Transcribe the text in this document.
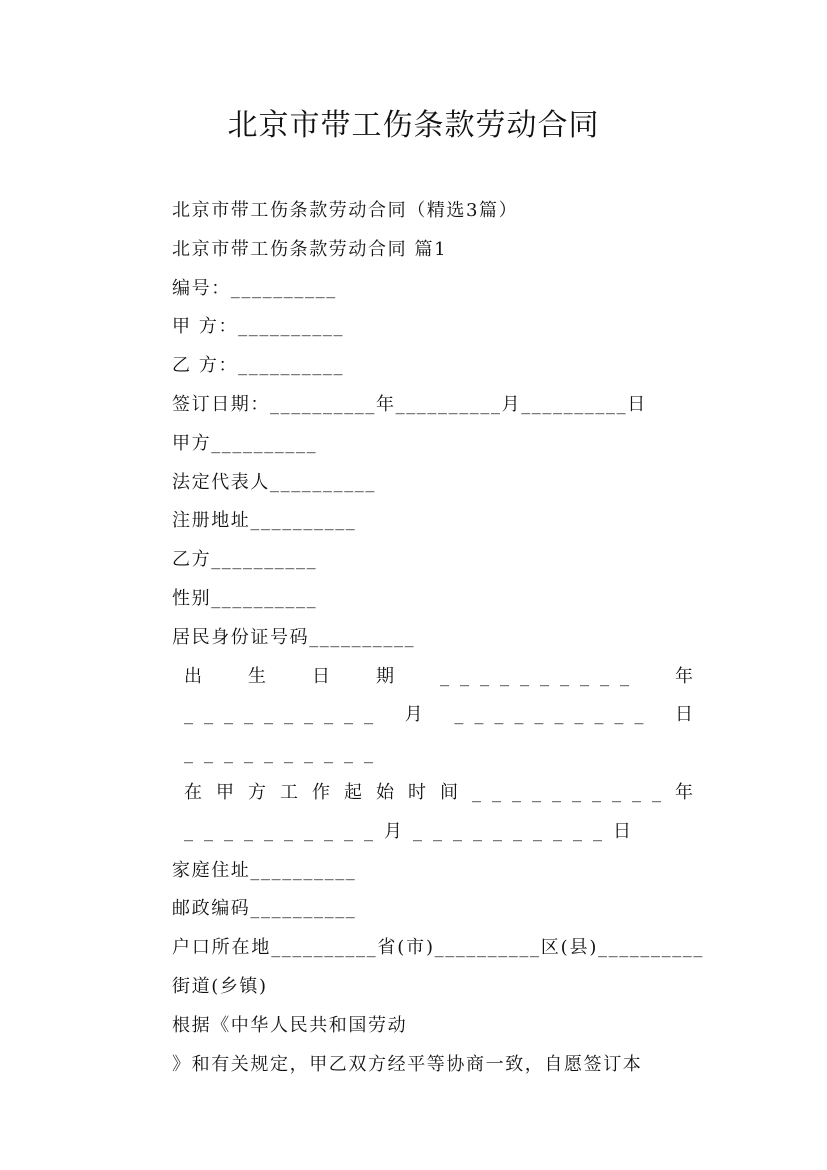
北京市带工伤条款劳动合同
北京市带工伤条款劳动合同（精选3篇）
北京市带工伤条款劳动合同 篇1
编号：__________
甲 方：__________
乙 方：__________
签订日期：__________年__________月__________日
甲方__________
法定代表人__________
注册地址__________
乙方__________
性别__________
居民身份证号码__________
出生日期__________年__________月__________日__________
在甲方工作起始时间__________年__________月__________日
家庭住址__________
邮政编码__________
户口所在地__________省(市)__________区(县)__________街道(乡镇)
根据《中华人民共和国劳动
》和有关规定，甲乙双方经平等协商一致，自愿签订本
